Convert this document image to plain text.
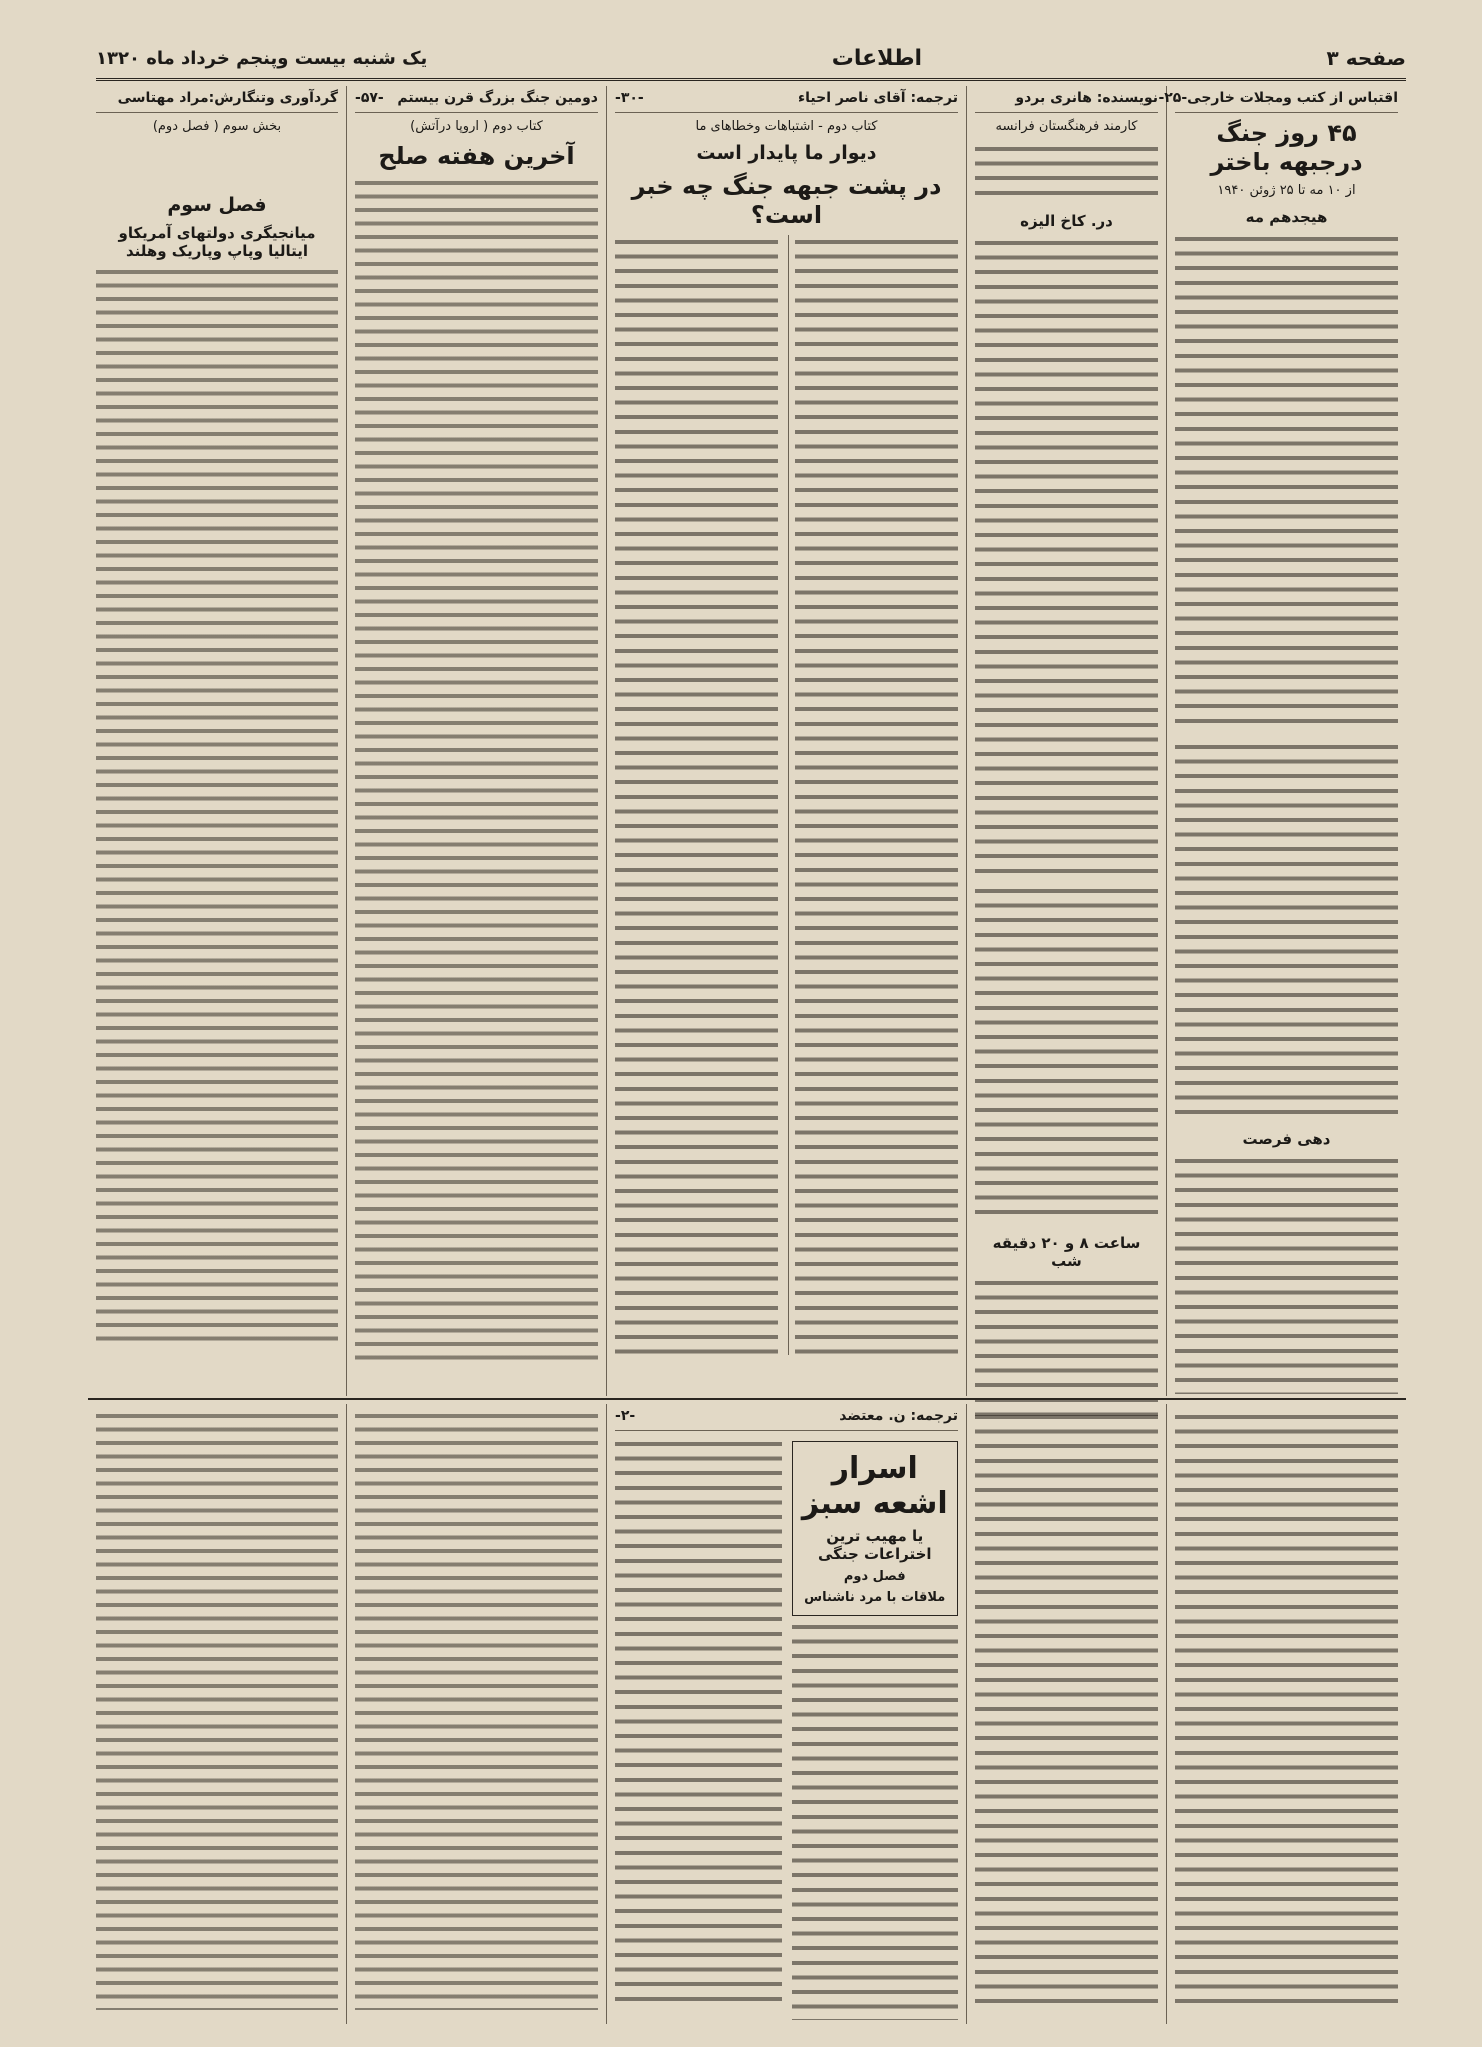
صفحه ۳
اطلاعات
یک شنبه بیست وپنجم خرداد ماه ۱۳۲۰
اقتباس از کتب ومجلات خارجی
-۲۵-
۴۵ روز جنگ درجبهه باختر
از ۱۰ مه تا ۲۵ ژوئن ۱۹۴۰
هیجدهم مه
دهی فرصت
نویسنده: هانری بردو
کارمند فرهنگستان فرانسه
در. کاخ الیزه
ساعت ۸ و ۲۰ دقیقه شب
ترجمه: آقای ناصر احیاء
-۳۰-
کتاب دوم - اشتباهات وخطاهای ما
دیوار ما پایدار است
در پشت جبهه جنگ چه خبر است؟
دومین جنگ بزرگ قرن بیستم
-۵۷-
کتاب دوم ( اروپا درآتش)
آخرین هفته صلح
گردآوری وتنگارش:مراد مهتاسی
بخش سوم ( فصل دوم)
فصل سوم
میانجیگری دولتهای آمریکاو ایتالیا وپاپ وپاریک وهلند
ترجمه: ن. معتضد
-۲-
اسرار اشعه سبز
یا مهیب ترین اختراعات جنگی
فصل دوم
ملاقات با مرد ناشناس
